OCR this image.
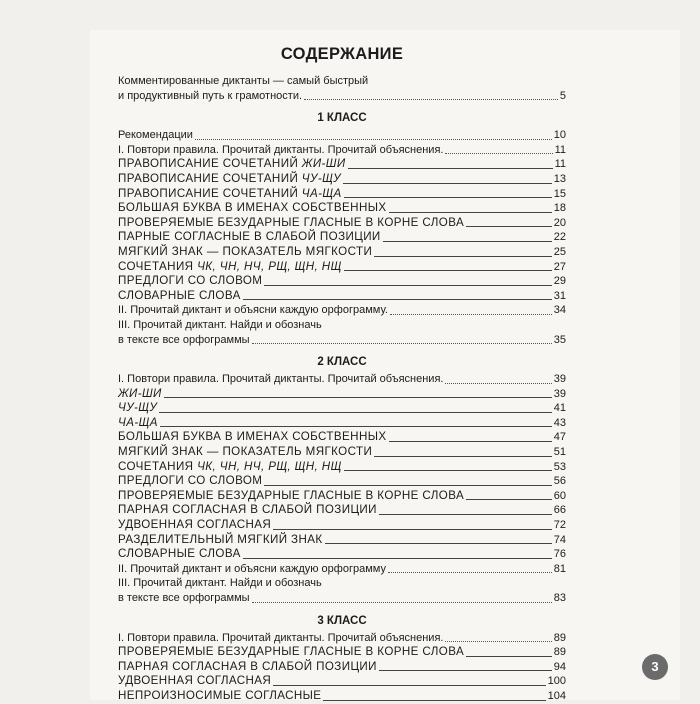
СОДЕРЖАНИЕ
Комментированные диктанты — самый быстрый
и продуктивный путь к грамотности.	5
1 КЛАСС
Рекомендации	10
I. Повтори правила. Прочитай диктанты. Прочитай объяснения.	11
ПРАВОПИСАНИЕ СОЧЕТАНИЙ ЖИ-ШИ	11
ПРАВОПИСАНИЕ СОЧЕТАНИЙ ЧУ-ЩУ	13
ПРАВОПИСАНИЕ СОЧЕТАНИЙ ЧА-ЩА	15
БОЛЬШАЯ БУКВА В ИМЕНАХ СОБСТВЕННЫХ	18
ПРОВЕРЯЕМЫЕ БЕЗУДАРНЫЕ ГЛАСНЫЕ В КОРНЕ СЛОВА	20
ПАРНЫЕ СОГЛАСНЫЕ В СЛАБОЙ ПОЗИЦИИ	22
МЯГКИЙ ЗНАК — ПОКАЗАТЕЛЬ МЯГКОСТИ	25
СОЧЕТАНИЯ ЧК, ЧН, НЧ, РЩ, ЩН, НЩ	27
ПРЕДЛОГИ СО СЛОВОМ	29
СЛОВАРНЫЕ СЛОВА	31
II. Прочитай диктант и объясни каждую орфограмму.	34
III. Прочитай диктант. Найди и обозначь
в тексте все орфограммы	35
2 КЛАСС
I. Повтори правила. Прочитай диктанты. Прочитай объяснения.	39
ЖИ-ШИ	39
ЧУ-ЩУ	41
ЧА-ЩА	43
БОЛЬШАЯ БУКВА В ИМЕНАХ СОБСТВЕННЫХ	47
МЯГКИЙ ЗНАК — ПОКАЗАТЕЛЬ МЯГКОСТИ	51
СОЧЕТАНИЯ ЧК, ЧН, НЧ, РЩ, ЩН, НЩ	53
ПРЕДЛОГИ СО СЛОВОМ	56
ПРОВЕРЯЕМЫЕ БЕЗУДАРНЫЕ ГЛАСНЫЕ В КОРНЕ СЛОВА	60
ПАРНАЯ СОГЛАСНАЯ В СЛАБОЙ ПОЗИЦИИ	66
УДВОЕННАЯ СОГЛАСНАЯ	72
РАЗДЕЛИТЕЛЬНЫЙ МЯГКИЙ ЗНАК	74
СЛОВАРНЫЕ СЛОВА	76
II. Прочитай диктант и объясни каждую орфограмму	81
III. Прочитай диктант. Найди и обозначь
в тексте все орфограммы	83
3 КЛАСС
I. Повтори правила. Прочитай диктанты. Прочитай объяснения.	89
ПРОВЕРЯЕМЫЕ БЕЗУДАРНЫЕ ГЛАСНЫЕ В КОРНЕ СЛОВА	89
ПАРНАЯ СОГЛАСНАЯ В СЛАБОЙ ПОЗИЦИИ	94
УДВОЕННАЯ СОГЛАСНАЯ	100
НЕПРОИЗНОСИМЫЕ СОГЛАСНЫЕ	104
3
